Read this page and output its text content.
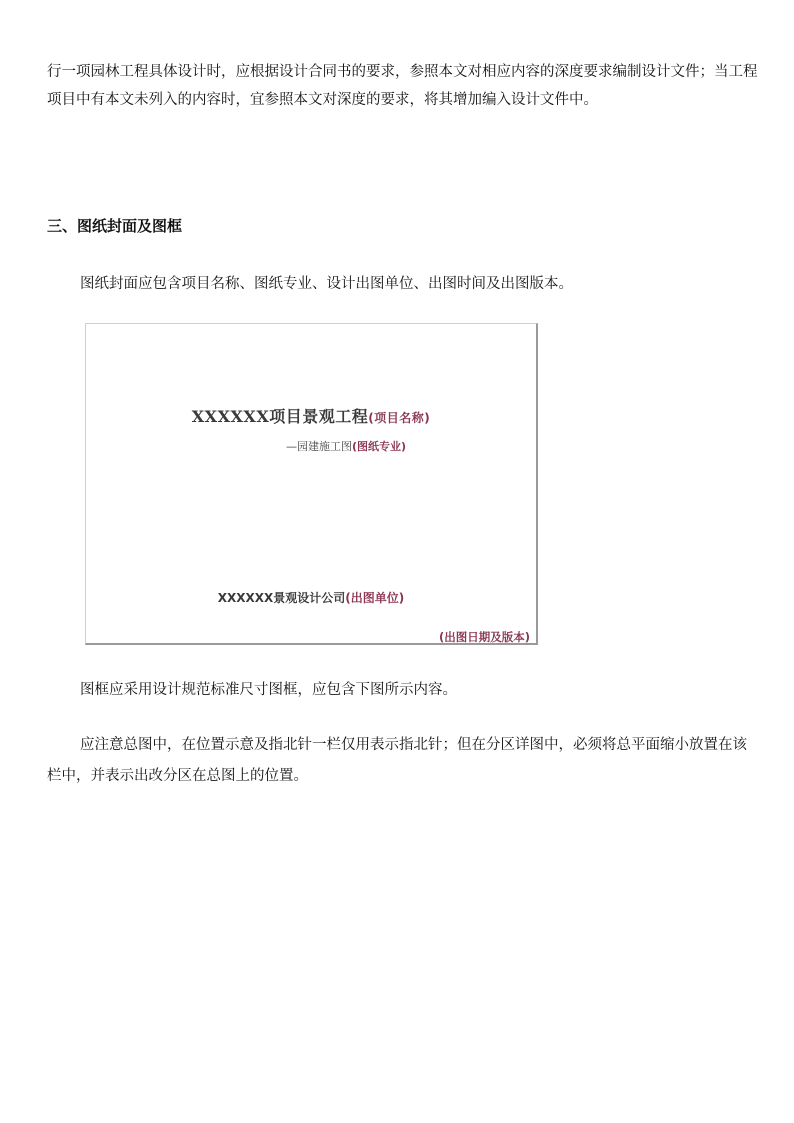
行一项园林工程具体设计时，应根据设计合同书的要求，参照本文对相应内容的深度要求编制设计文件；当工程项目中有本文未列入的内容时，宜参照本文对深度的要求，将其增加编入设计文件中。

三、图纸封面及图框

图纸封面应包含项目名称、图纸专业、设计出图单位、出图时间及出图版本。

XXXXXX项目景观工程(项目名称)
—园建施工图(图纸专业)
XXXXXX景观设计公司(出图单位)
(出图日期及版本)

图框应采用设计规范标准尺寸图框，应包含下图所示内容。

应注意总图中，在位置示意及指北针一栏仅用表示指北针；但在分区详图中，必须将总平面缩小放置在该栏中，并表示出改分区在总图上的位置。
